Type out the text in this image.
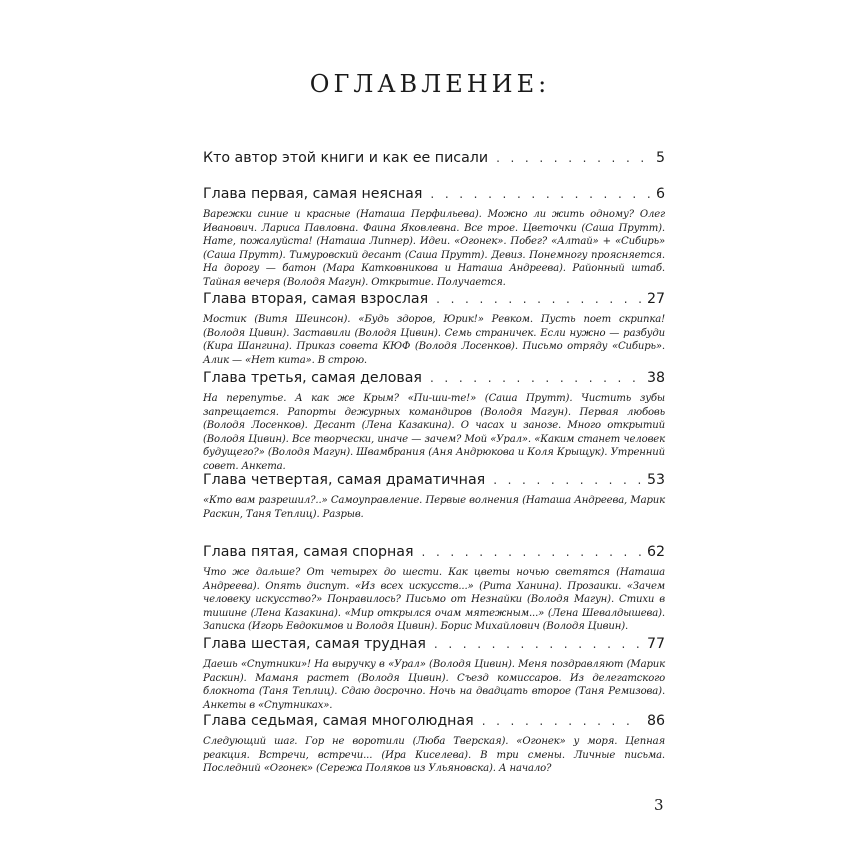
ОГЛАВЛЕНИЕ:
Кто автор этой книги и как ее писали . . .	5
Глава первая, самая неясная . . .	6
Варежки синие и красные (Наташа Перфильева). Можно ли жить одному? Олег Иванович. Лариса Павловна. Фаина Яковлевна. Все трое. Цветочки (Саша Прутт). Нате, пожалуйста! (Наташа Липнер). Идеи. «Огонек». Побег? «Алтай» + «Сибирь» (Саша Прутт). Тимуровский десант (Саша Прутт). Девиз. Понемногу проясняется. На дорогу — батон (Мара Катковникова и Наташа Андреева). Районный штаб. Тайная вечеря (Володя Магун). Открытие. Получается.
Глава вторая, самая взрослая . . .	27
Мостик (Витя Шеинсон). «Будь здоров, Юрик!» Ревком. Пусть поет скрипка! (Володя Цивин). Заставили (Володя Цивин). Семь страничек. Если нужно — разбуди (Кира Шангина). Приказ совета КЮФ (Володя Лосенков). Письмо отряду «Сибирь». Алик — «Нет кита». В строю.
Глава третья, самая деловая . . .	38
На перепутье. А как же Крым? «Пи-ши-те!» (Саша Прутт). Чистить зубы запрещается. Рапорты дежурных командиров (Володя Магун). Первая любовь (Володя Лосенков). Десант (Лена Казакина). О часах и занозе. Много открытий (Володя Цивин). Все творчески, иначе — зачем? Мой «Урал». «Каким станет человек будущего?» (Володя Магун). Швамбрания (Аня Андрюкова и Коля Крыщук). Утренний совет. Анкета.
Глава четвертая, самая драматичная . . .	53
«Кто вам разрешил?..» Самоуправление. Первые волнения (Наташа Андреева, Марик Раскин, Таня Теплиц). Разрыв.
Глава пятая, самая спорная . . .	62
Что же дальше? От четырех до шести. Как цветы ночью светятся (Наташа Андреева). Опять диспут. «Из всех искусств...» (Рита Ханина). Прозаики. «Зачем человеку искусство?» Понравилось? Письмо от Незнайки (Володя Магун). Стихи в тишине (Лена Казакина). «Мир открылся очам мятежным...» (Лена Шевалдышева). Записка (Игорь Евдокимов и Володя Цивин). Борис Михайлович (Володя Цивин).
Глава шестая, самая трудная . . .	77
Даешь «Спутники»! На выручку в «Урал» (Володя Цивин). Меня поздравляют (Марик Раскин). Маманя растет (Володя Цивин). Съезд комиссаров. Из делегатского блокнота (Таня Теплиц). Сдаю досрочно. Ночь на двадцать второе (Таня Ремизова). Анкеты в «Спутниках».
Глава седьмая, самая многолюдная . . .	86
Следующий шаг. Гор не воротили (Люба Тверская). «Огонек» у моря. Цепная реакция. Встречи, встречи... (Ира Киселева). В три смены. Личные письма. Последний «Огонек» (Сережа Поляков из Ульяновска). А начало?
3
